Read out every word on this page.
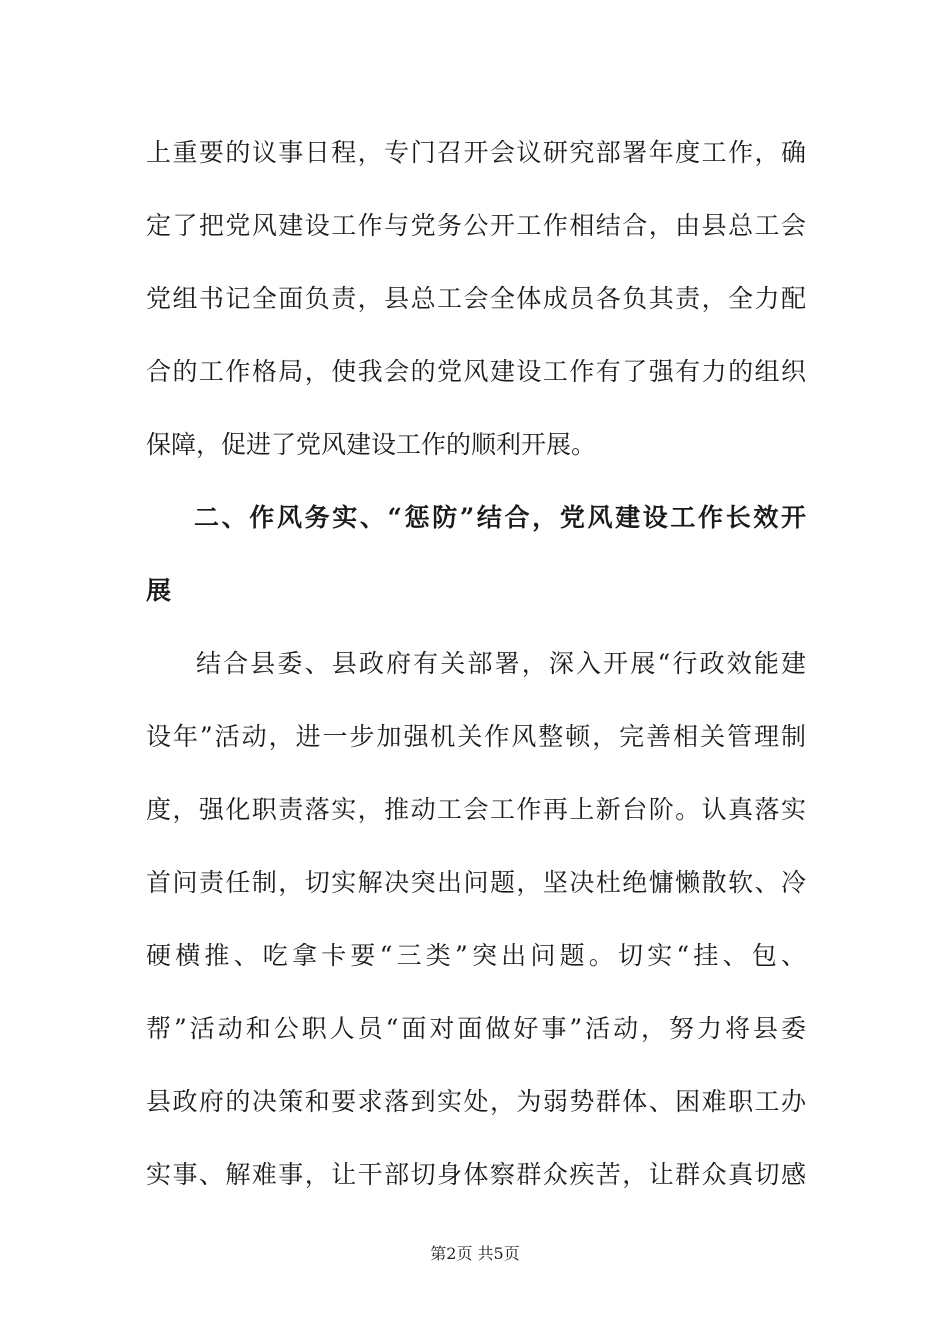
上重要的议事日程，专门召开会议研究部署年度工作，确
定了把党风建设工作与党务公开工作相结合，由县总工会
党组书记全面负责，县总工会全体成员各负其责，全力配
合的工作格局，使我会的党风建设工作有了强有力的组织
保障，促进了党风建设工作的顺利开展。
二、作风务实、“惩防”结合，党风建设工作长效开
展
结合县委、县政府有关部署，深入开展“行政效能建
设年”活动，进一步加强机关作风整顿，完善相关管理制
度，强化职责落实，推动工会工作再上新台阶。认真落实
首问责任制，切实解决突出问题，坚决杜绝慵懒散软、冷
硬横推、吃拿卡要“三类”突出问题。切实“挂、包、
帮”活动和公职人员“面对面做好事”活动，努力将县委
县政府的决策和要求落到实处，为弱势群体、困难职工办
实事、解难事，让干部切身体察群众疾苦，让群众真切感
第2页 共5页
